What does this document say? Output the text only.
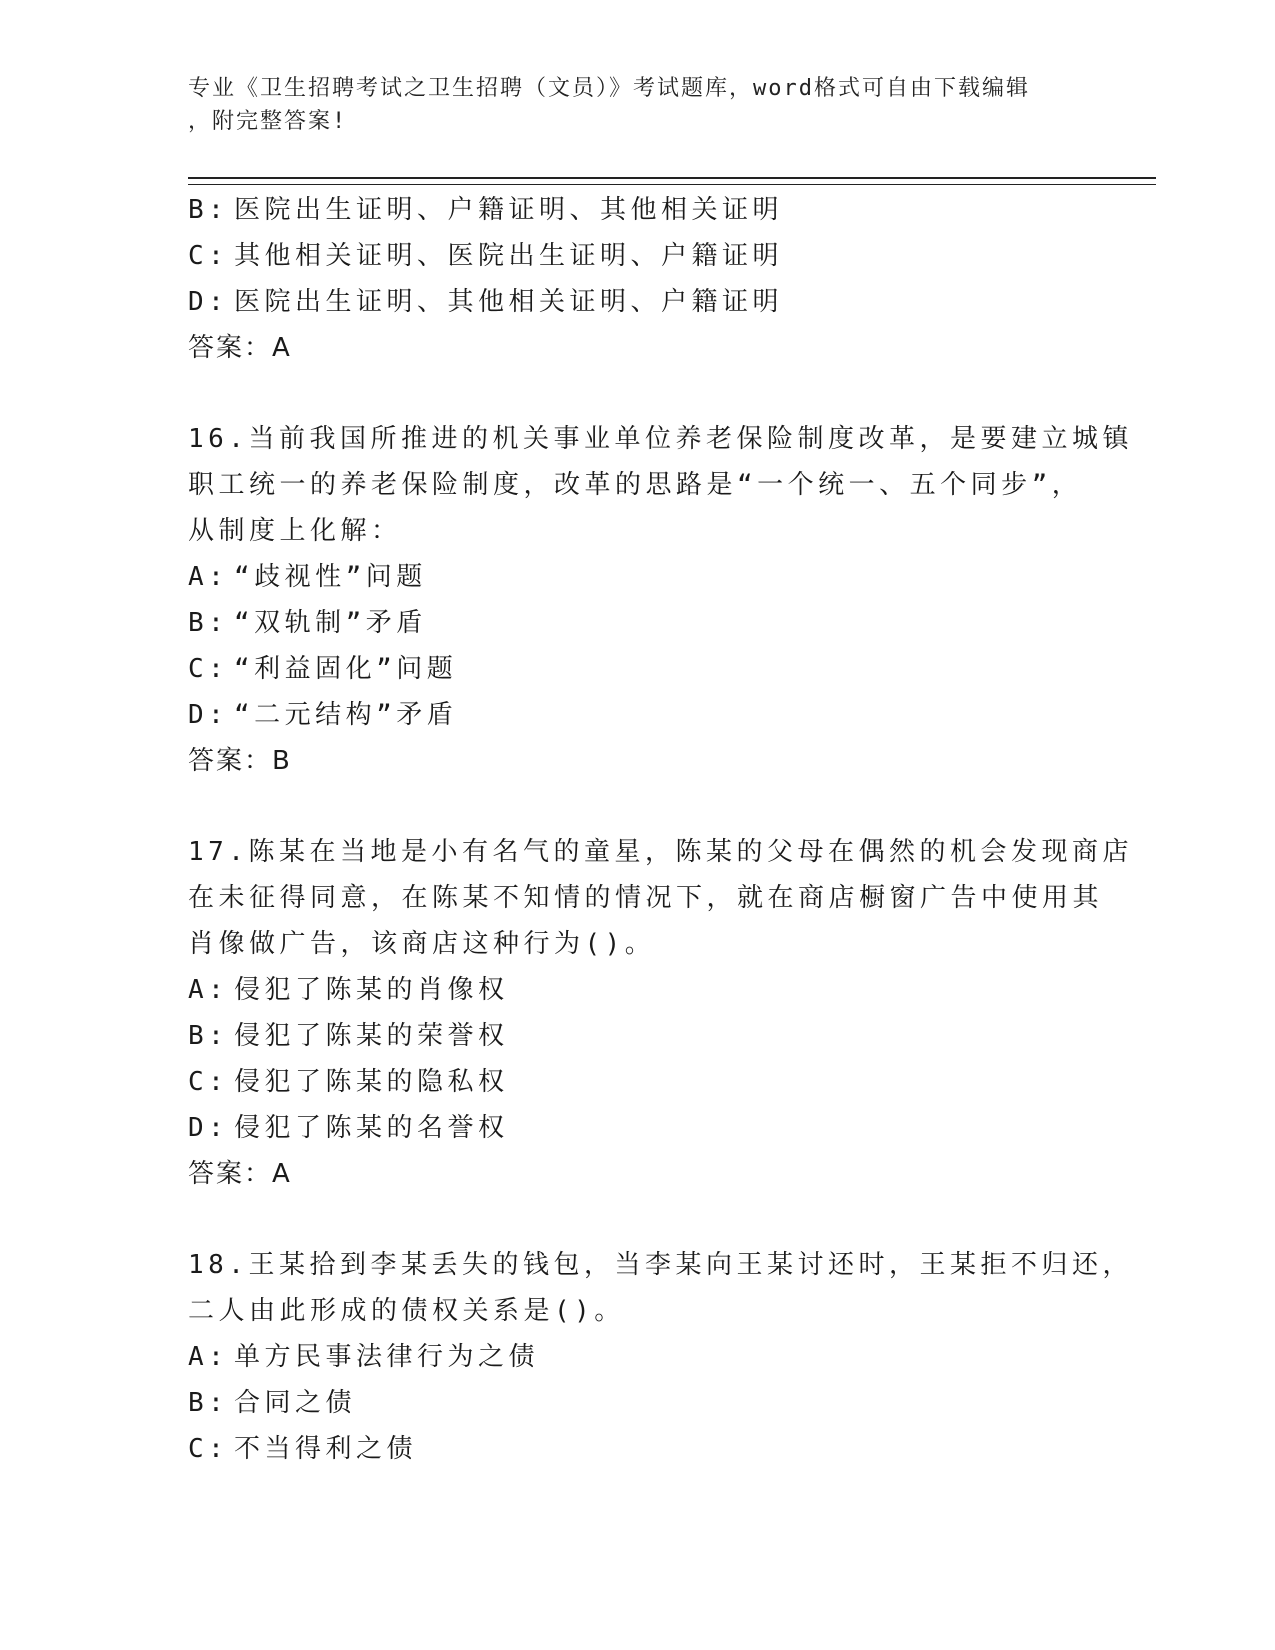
专业《卫生招聘考试之卫生招聘（文员）》考试题库，word格式可自由下载编辑
，附完整答案!
B: 医院出生证明、户籍证明、其他相关证明
C: 其他相关证明、医院出生证明、户籍证明
D: 医院出生证明、其他相关证明、户籍证明
答案：A
16.当前我国所推进的机关事业单位养老保险制度改革，是要建立城镇
职工统一的养老保险制度，改革的思路是“一个统一、五个同步”，
从制度上化解：
A: “歧视性”问题
B: “双轨制”矛盾
C: “利益固化”问题
D: “二元结构”矛盾
答案：B
17.陈某在当地是小有名气的童星，陈某的父母在偶然的机会发现商店
在未征得同意，在陈某不知情的情况下，就在商店橱窗广告中使用其
肖像做广告，该商店这种行为()。
A: 侵犯了陈某的肖像权
B: 侵犯了陈某的荣誉权
C: 侵犯了陈某的隐私权
D: 侵犯了陈某的名誉权
答案：A
18.王某拾到李某丢失的钱包，当李某向王某讨还时，王某拒不归还，
二人由此形成的债权关系是()。
A: 单方民事法律行为之债
B: 合同之债
C: 不当得利之债
